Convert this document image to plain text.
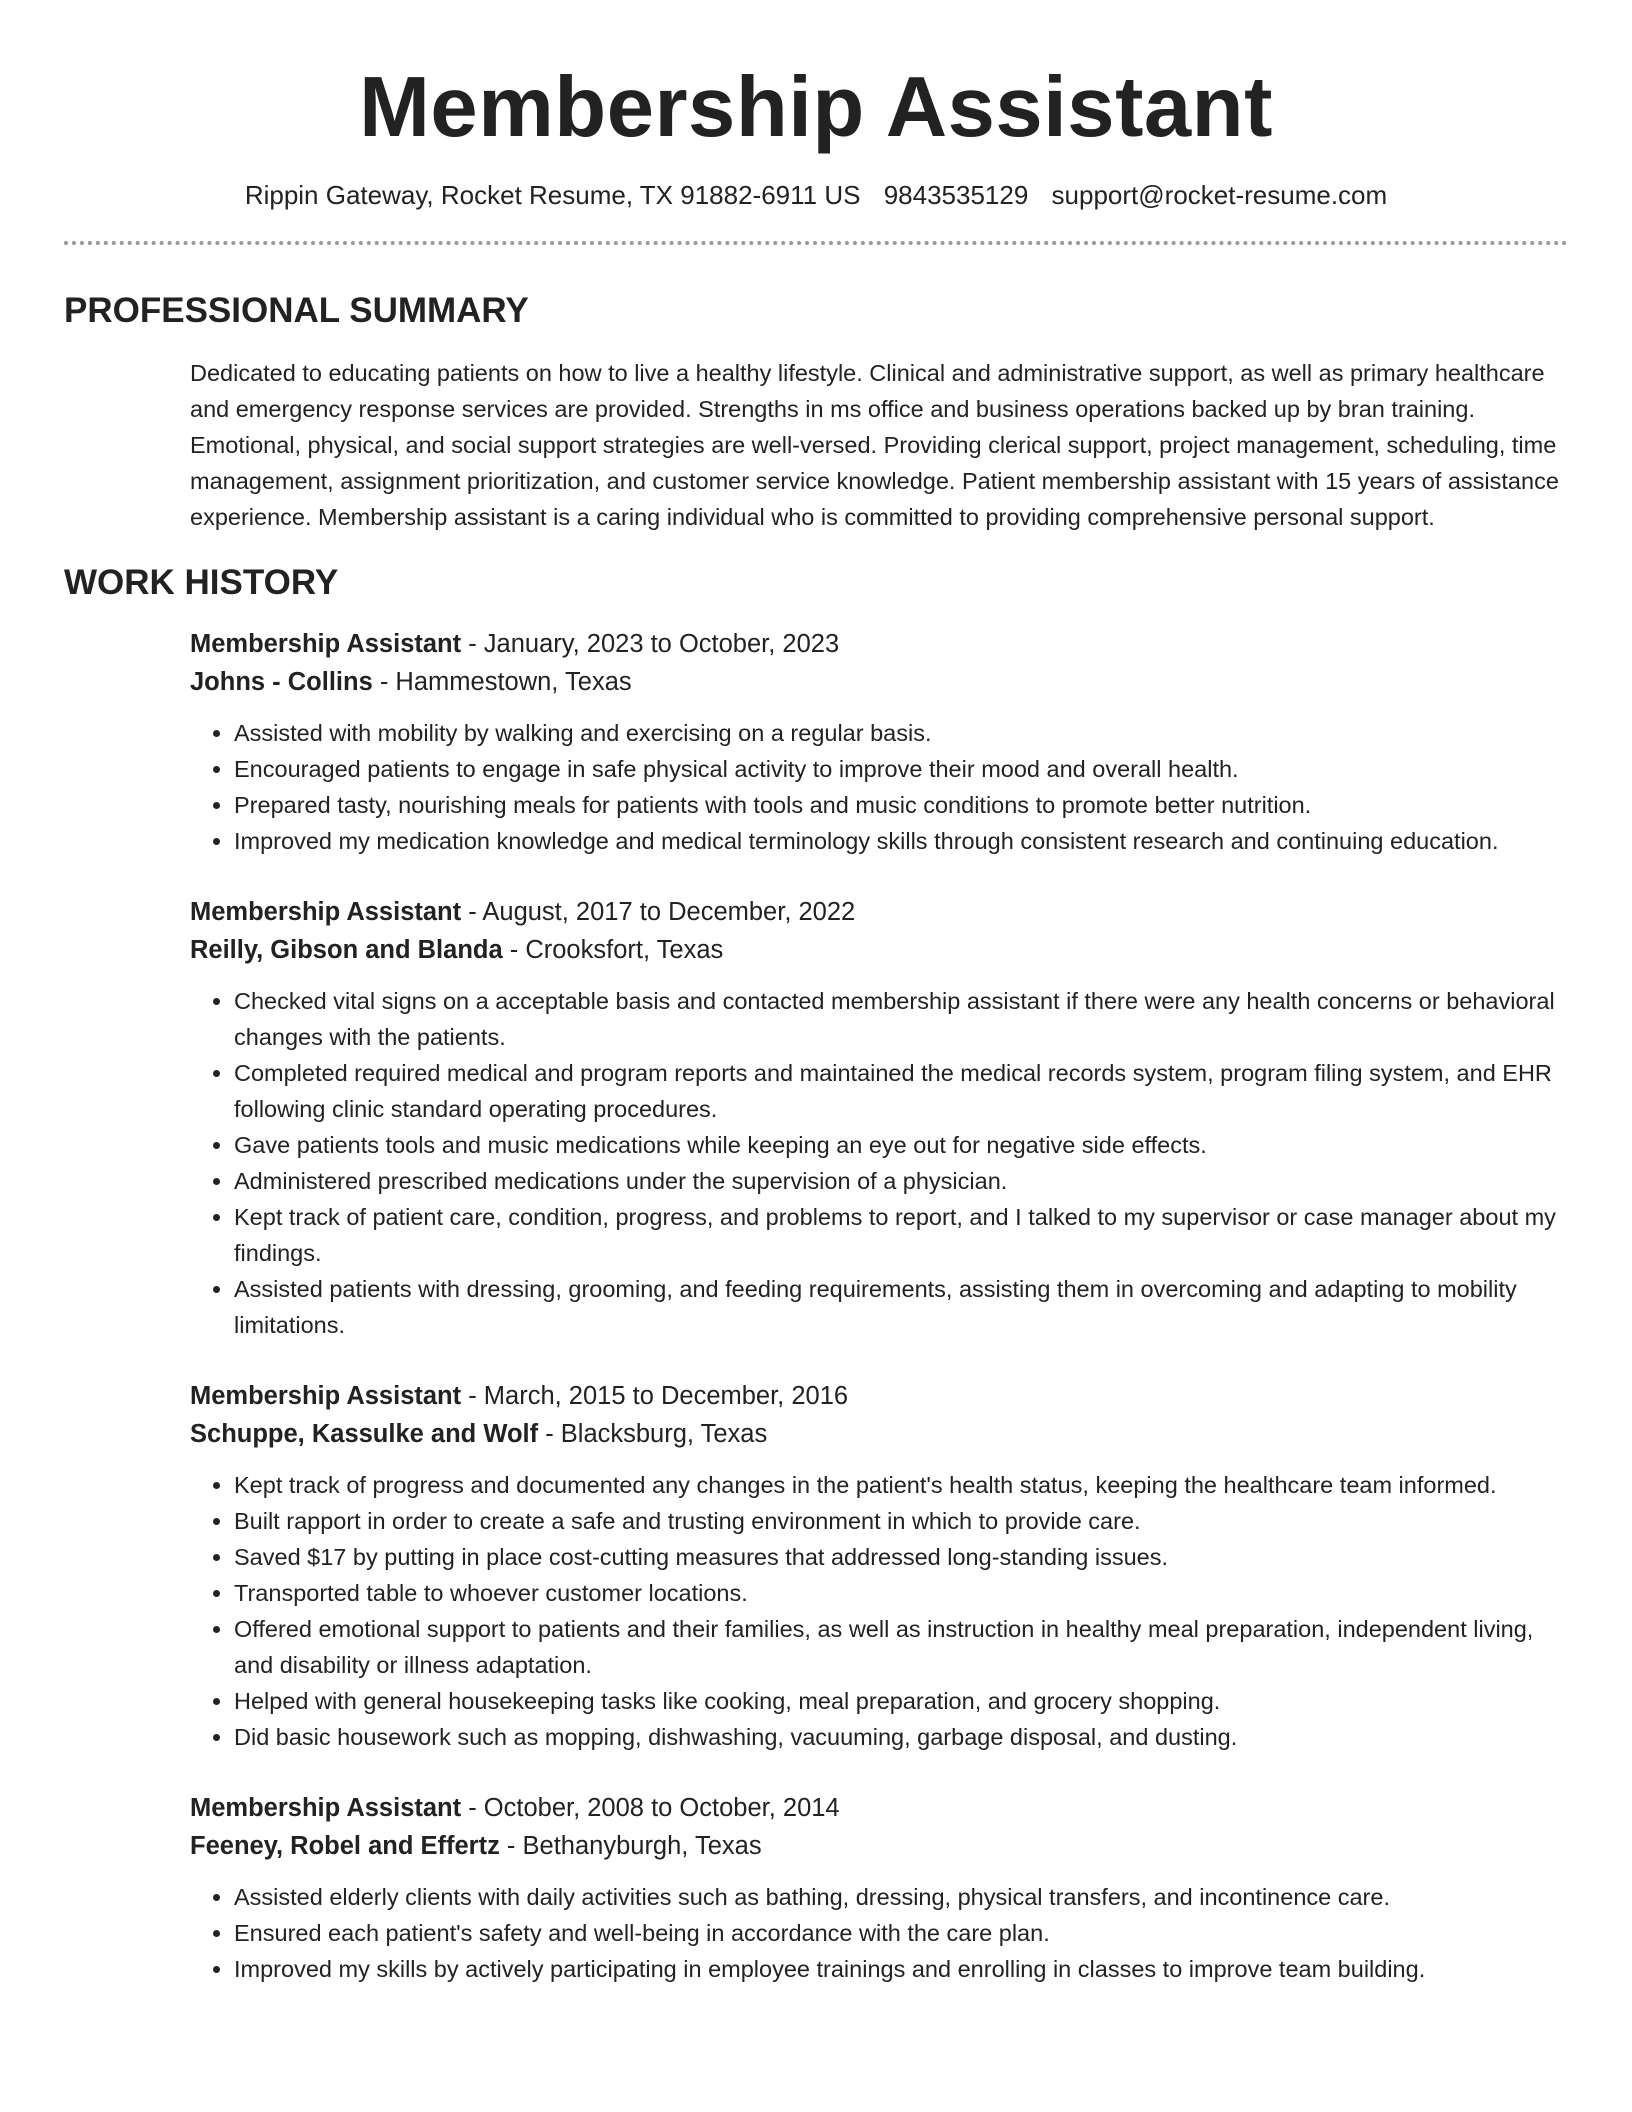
Membership Assistant
Rippin Gateway, Rocket Resume, TX 91882-6911 US 9843535129 support@rocket-resume.com
PROFESSIONAL SUMMARY

Dedicated to educating patients on how to live a healthy lifestyle. Clinical and administrative support, as well as primary healthcare and emergency response services are provided. Strengths in ms office and business operations backed up by bran training. Emotional, physical, and social support strategies are well-versed. Providing clerical support, project management, scheduling, time management, assignment prioritization, and customer service knowledge. Patient membership assistant with 15 years of assistance experience. Membership assistant is a caring individual who is committed to providing comprehensive personal support.

WORK HISTORY
Membership Assistant - January, 2023 to October, 2023
Johns - Collins - Hammestown, Texas
• Assisted with mobility by walking and exercising on a regular basis.
• Encouraged patients to engage in safe physical activity to improve their mood and overall health.
• Prepared tasty, nourishing meals for patients with tools and music conditions to promote better nutrition.
• Improved my medication knowledge and medical terminology skills through consistent research and continuing education.
Membership Assistant - August, 2017 to December, 2022
Reilly, Gibson and Blanda - Crooksfort, Texas
• Checked vital signs on a acceptable basis and contacted membership assistant if there were any health concerns or behavioral changes with the patients.
• Completed required medical and program reports and maintained the medical records system, program filing system, and EHR following clinic standard operating procedures.
• Gave patients tools and music medications while keeping an eye out for negative side effects.
• Administered prescribed medications under the supervision of a physician.
• Kept track of patient care, condition, progress, and problems to report, and I talked to my supervisor or case manager about my findings.
• Assisted patients with dressing, grooming, and feeding requirements, assisting them in overcoming and adapting to mobility limitations.
Membership Assistant - March, 2015 to December, 2016
Schuppe, Kassulke and Wolf - Blacksburg, Texas
• Kept track of progress and documented any changes in the patient's health status, keeping the healthcare team informed.
• Built rapport in order to create a safe and trusting environment in which to provide care.
• Saved $17 by putting in place cost-cutting measures that addressed long-standing issues.
• Transported table to whoever customer locations.
• Offered emotional support to patients and their families, as well as instruction in healthy meal preparation, independent living, and disability or illness adaptation.
• Helped with general housekeeping tasks like cooking, meal preparation, and grocery shopping.
• Did basic housework such as mopping, dishwashing, vacuuming, garbage disposal, and dusting.
Membership Assistant - October, 2008 to October, 2014
Feeney, Robel and Effertz - Bethanyburgh, Texas
• Assisted elderly clients with daily activities such as bathing, dressing, physical transfers, and incontinence care.
• Ensured each patient's safety and well-being in accordance with the care plan.
• Improved my skills by actively participating in employee trainings and enrolling in classes to improve team building.
